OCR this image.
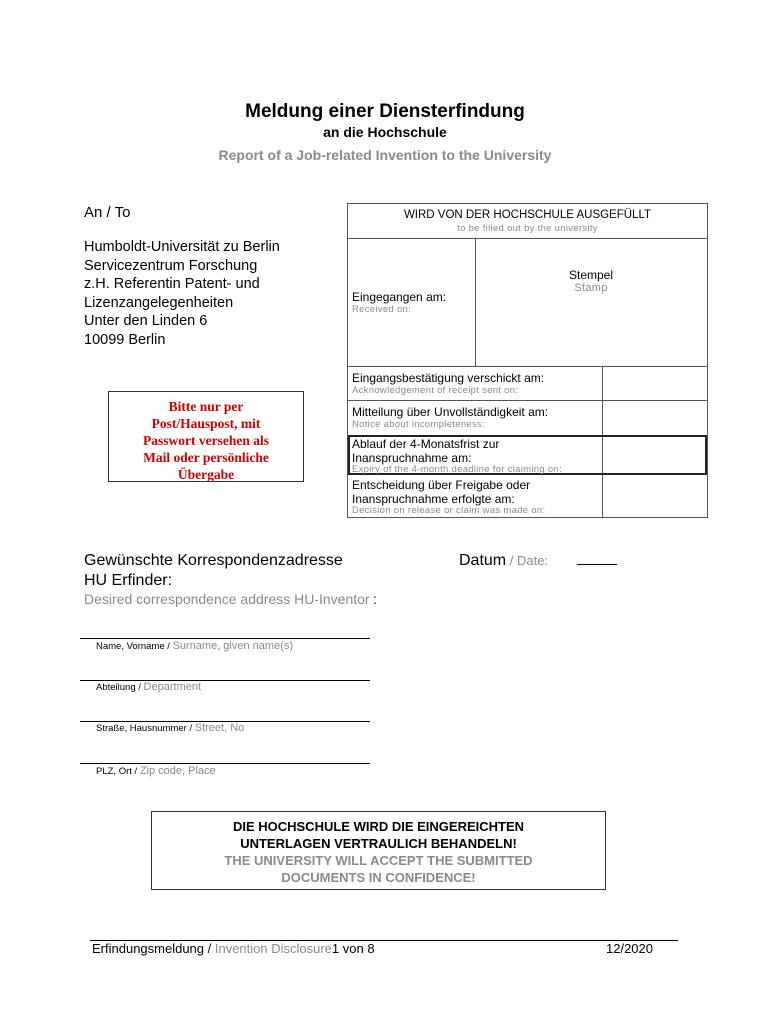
Meldung einer Diensterfindung
an die Hochschule
Report of a Job-related Invention to the University
An / To
Humboldt-Universität zu Berlin
Servicezentrum Forschung
z.H. Referentin Patent- und
Lizenzangelegenheiten
Unter den Linden 6
10099 Berlin
Bitte nur per
Post/Hauspost, mit
Passwort versehen als
Mail oder persönliche
Übergabe
WIRD VON DER HOCHSCHULE AUSGEFÜLLT
to be filled out by the university
Eingegangen am:
Received on:
Stempel
Stamp
Eingangsbestätigung verschickt am:
Acknowledgement of receipt sent on:
Mitteilung über Unvollständigkeit am:
Notice about incompleteness:
Ablauf der 4-Monatsfrist zur
Inanspruchnahme am:
Expiry of the 4-month deadline for claiming on:
Entscheidung über Freigabe oder
Inanspruchnahme erfolgte am:
Decision on release or claim was made on:
Gewünschte Korrespondenzadresse
HU Erfinder:
Desired correspondence address HU-Inventor :
Datum / Date:
Name, Vorname / Surname, given name(s)
Abteilung / Department
Straße, Hausnummer / Street, No
PLZ, Ort / Zip code, Place
DIE HOCHSCHULE WIRD DIE EINGEREICHTEN
UNTERLAGEN VERTRAULICH BEHANDELN!
THE UNIVERSITY WILL ACCEPT THE SUBMITTED
DOCUMENTS IN CONFIDENCE!
Erfindungsmeldung / Invention Disclosure1 von 8	12/2020
